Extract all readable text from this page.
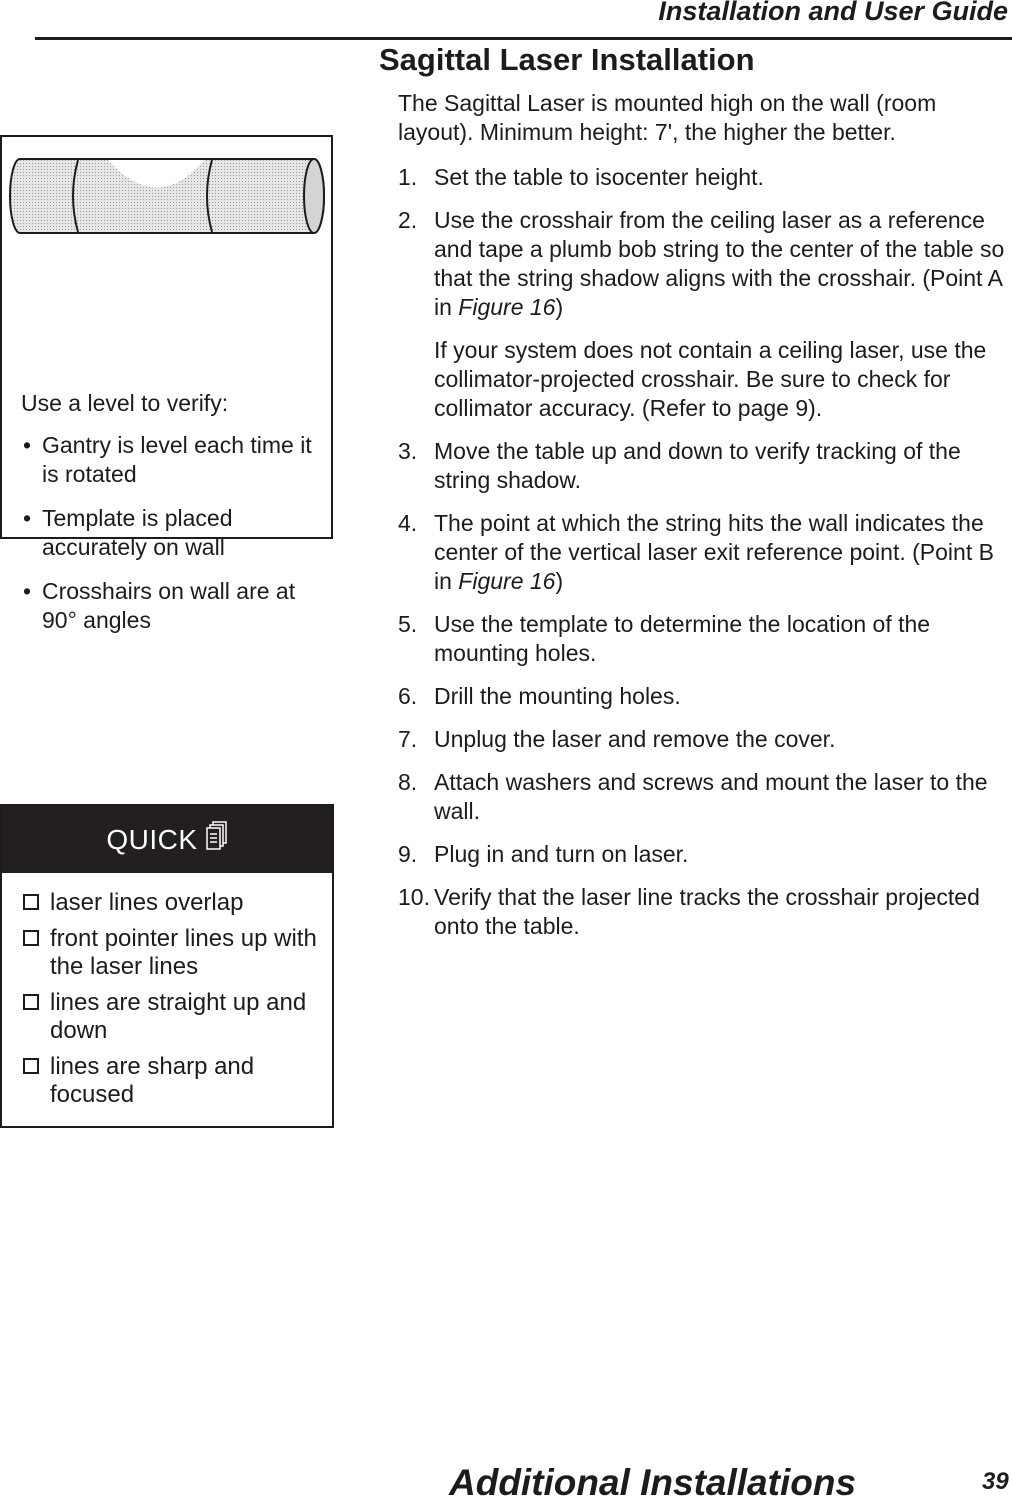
Installation and User Guide
Sagittal Laser Installation

The Sagittal Laser is mounted high on the wall (room layout). Minimum height: 7', the higher the better.

1. Set the table to isocenter height.
2. Use the crosshair from the ceiling laser as a reference and tape a plumb bob string to the center of the table so that the string shadow aligns with the crosshair. (Point A in Figure 16)
If your system does not contain a ceiling laser, use the collimator-projected crosshair. Be sure to check for collimator accuracy. (Refer to page 9).
3. Move the table up and down to verify tracking of the string shadow.
4. The point at which the string hits the wall indicates the center of the vertical laser exit reference point. (Point B in Figure 16)
5. Use the template to determine the location of the mounting holes.
6. Drill the mounting holes.
7. Unplug the laser and remove the cover.
8. Attach washers and screws and mount the laser to the wall.
9. Plug in and turn on laser.
10. Verify that the laser line tracks the crosshair projected onto the table.

Use a level to verify:

• Gantry is level each time it is rotated
• Template is placed accurately on wall
• Crosshairs on wall are at 90° angles
QUICK
laser lines overlap
front pointer lines up with the laser lines
lines are straight up and down
lines are sharp and focused
Additional Installations	39
